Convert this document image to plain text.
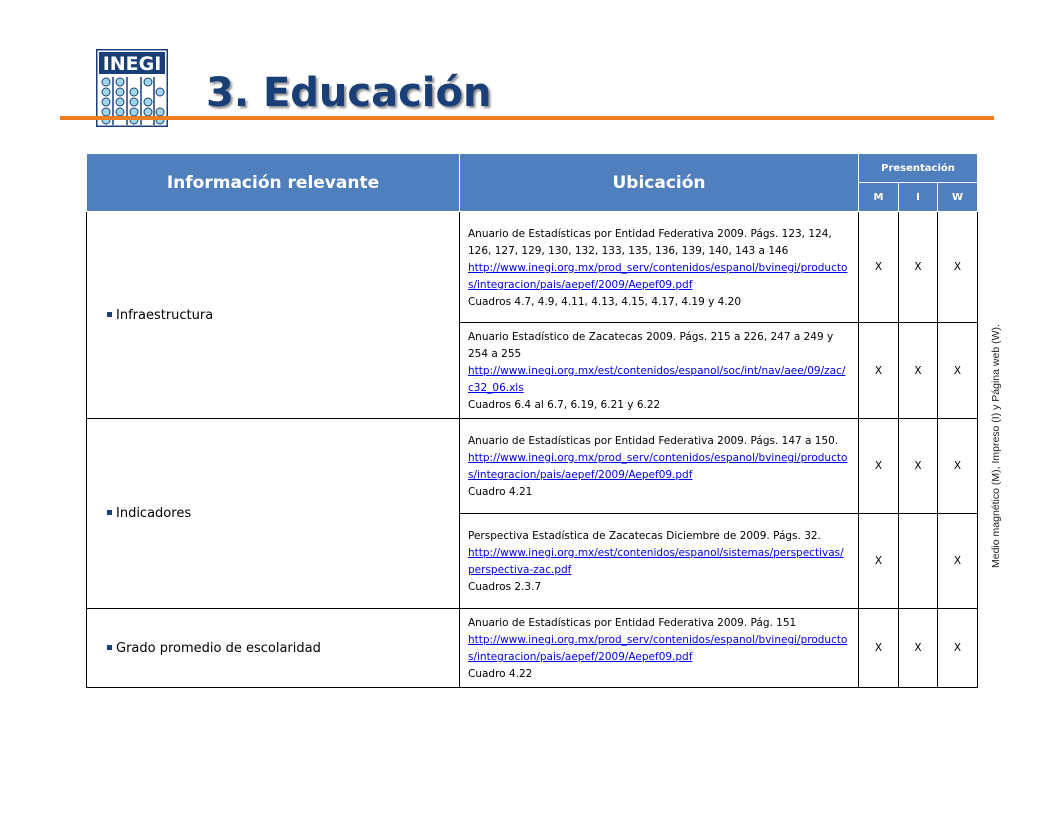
INEGI
3. Educación
Información relevante	Ubicación	Presentación		
		M	I	W
Infraestructura	Anuario de Estadísticas por Entidad Federativa 2009. Págs. 123, 124, 126, 127, 129, 130, 132, 133, 135, 136, 139, 140, 143 a 146
http://www.inegi.org.mx/prod_serv/contenidos/espanol/bvinegi/productos/integracion/pais/aepef/2009/Aepef09.pdf
Cuadros 4.7, 4.9, 4.11, 4.13, 4.15, 4.17, 4.19 y 4.20	X	X	X

	Anuario Estadístico de Zacatecas 2009. Págs. 215 a 226, 247 a 249 y 254 a 255
http://www.inegi.org.mx/est/contenidos/espanol/soc/int/nav/aee/09/zac/c32_06.xls
Cuadros 6.4 al 6.7, 6.19, 6.21 y 6.22	X	X	X
Indicadores	Anuario de Estadísticas por Entidad Federativa 2009. Págs. 147 a 150.
http://www.inegi.org.mx/prod_serv/contenidos/espanol/bvinegi/productos/integracion/pais/aepef/2009/Aepef09.pdf
Cuadro 4.21	X	X	X

	Perspectiva Estadística de Zacatecas Diciembre de 2009. Págs. 32.
http://www.inegi.org.mx/est/contenidos/espanol/sistemas/perspectivas/perspectiva-zac.pdf
Cuadros 2.3.7	X		X
Grado promedio de escolaridad	Anuario de Estadísticas por Entidad Federativa 2009. Pág. 151
http://www.inegi.org.mx/prod_serv/contenidos/espanol/bvinegi/productos/integracion/pais/aepef/2009/Aepef09.pdf
Cuadro 4.22	X	X	X
Medio magnético (M), Impreso (I) y Página web (W).
